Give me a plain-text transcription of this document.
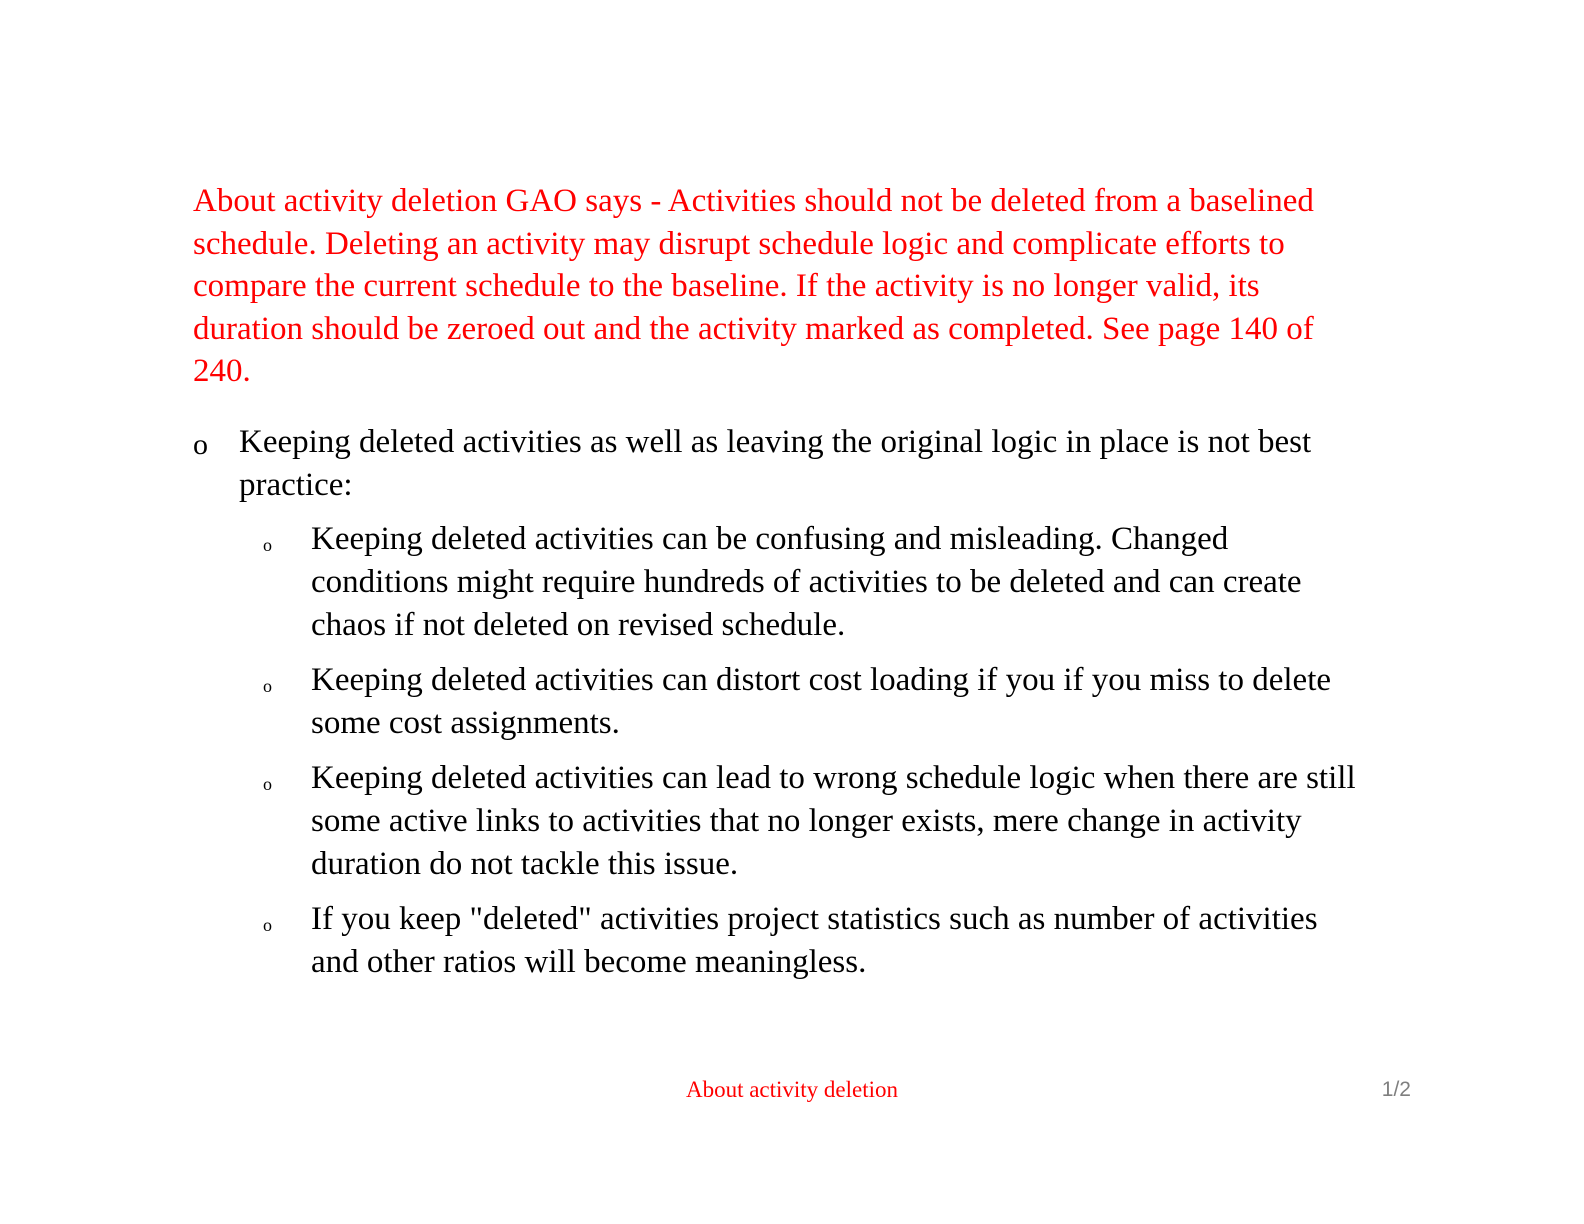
About activity deletion GAO says - Activities should not be deleted from a baselined schedule. Deleting an activity may disrupt schedule logic and complicate efforts to compare the current schedule to the baseline. If the activity is no longer valid, its duration should be zeroed out and the activity marked as completed. See page 140 of 240.

o Keeping deleted activities as well as leaving the original logic in place is not best practice:
o Keeping deleted activities can be confusing and misleading. Changed conditions might require hundreds of activities to be deleted and can create chaos if not deleted on revised schedule.
o Keeping deleted activities can distort cost loading if you if you miss to delete some cost assignments.
o Keeping deleted activities can lead to wrong schedule logic when there are still some active links to activities that no longer exists, mere change in activity duration do not tackle this issue.
o If you keep "deleted" activities project statistics such as number of activities and other ratios will become meaningless.

About activity deletion	1/2
